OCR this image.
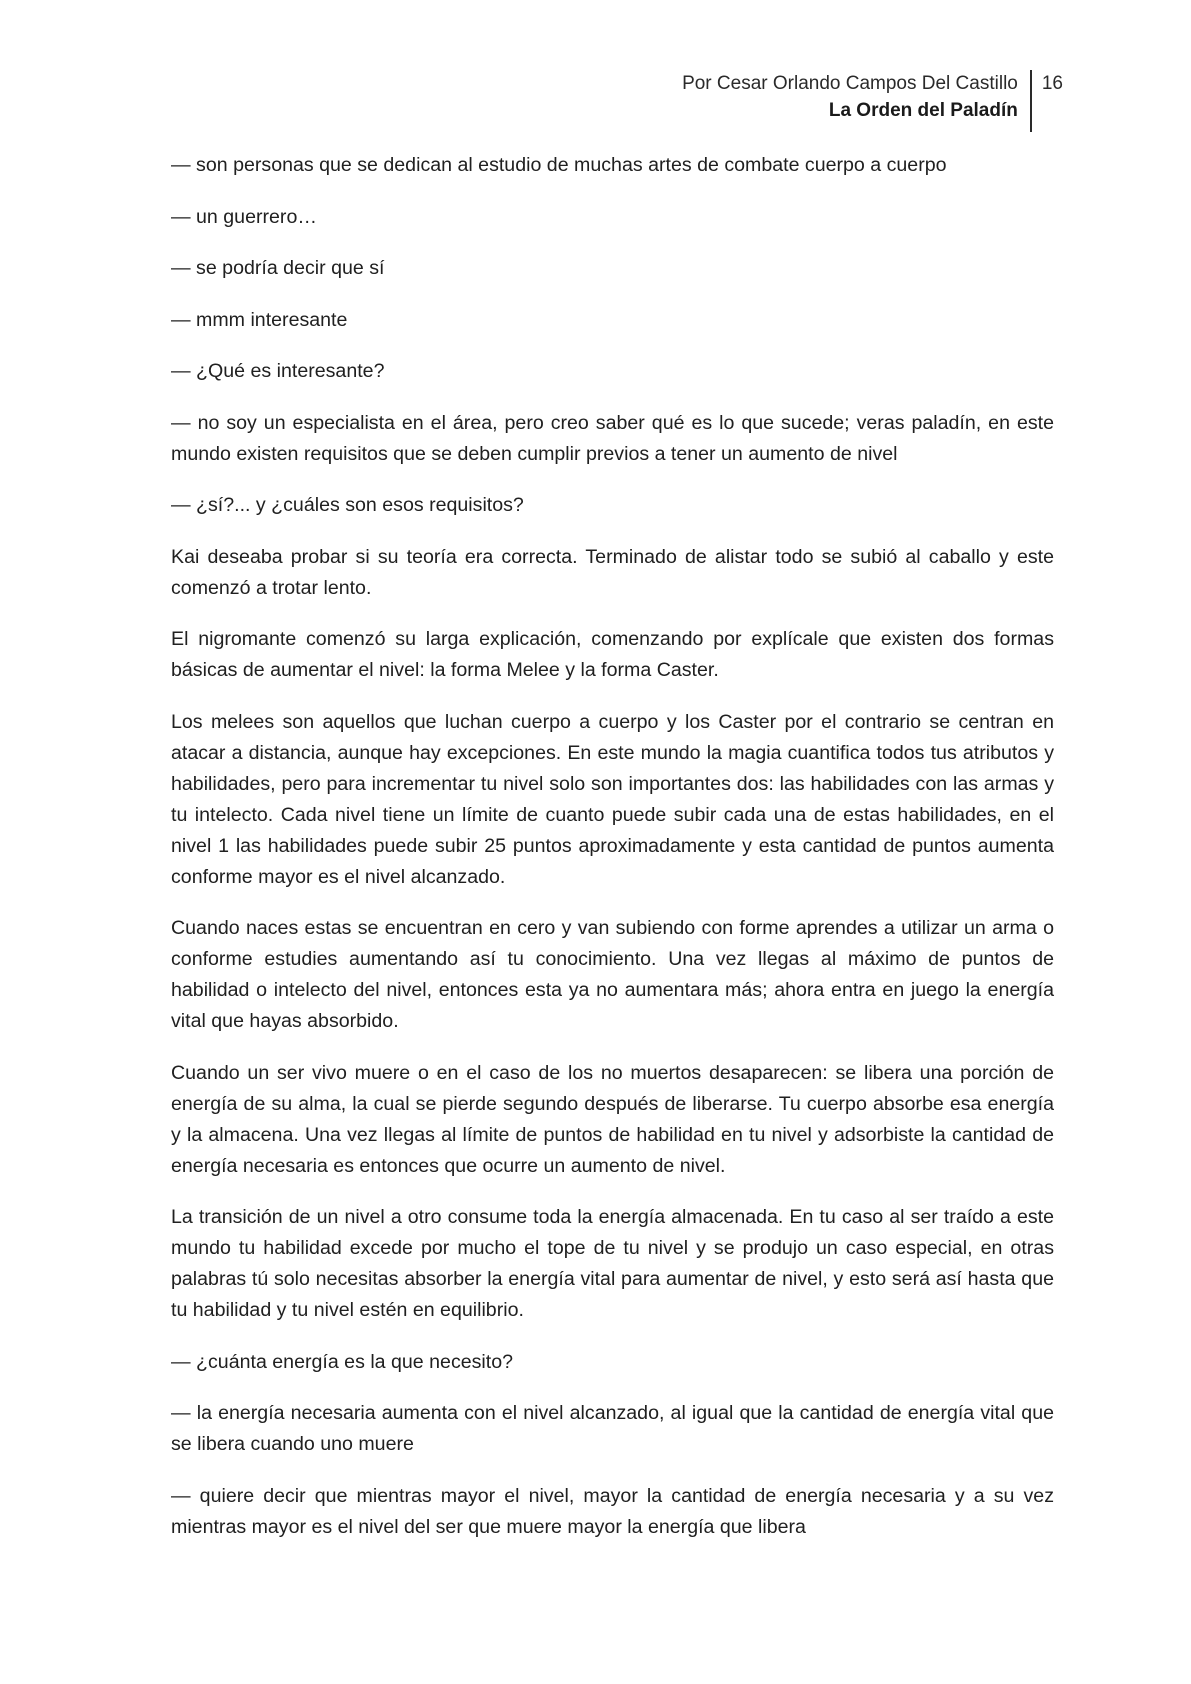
Por Cesar Orlando Campos Del Castillo
La Orden del Paladín
16

— son personas que se dedican al estudio de muchas artes de combate cuerpo a cuerpo

— un guerrero…

— se podría decir que sí

— mmm interesante

— ¿Qué es interesante?

— no soy un especialista en el área, pero creo saber qué es lo que sucede; veras paladín, en este mundo existen requisitos que se deben cumplir previos a tener un aumento de nivel

— ¿sí?... y ¿cuáles son esos requisitos?

Kai deseaba probar si su teoría era correcta. Terminado de alistar todo se subió al caballo y este comenzó a trotar lento.

El nigromante comenzó su larga explicación, comenzando por explícale que existen dos formas básicas de aumentar el nivel: la forma Melee y la forma Caster.

Los melees son aquellos que luchan cuerpo a cuerpo y los Caster por el contrario se centran en atacar a distancia, aunque hay excepciones. En este mundo la magia cuantifica todos tus atributos y habilidades, pero para incrementar tu nivel solo son importantes dos: las habilidades con las armas y tu intelecto. Cada nivel tiene un límite de cuanto puede subir cada una de estas habilidades, en el nivel 1 las habilidades puede subir 25 puntos aproximadamente y esta cantidad de puntos aumenta conforme mayor es el nivel alcanzado.

Cuando naces estas se encuentran en cero y van subiendo con forme aprendes a utilizar un arma o conforme estudies aumentando así tu conocimiento. Una vez llegas al máximo de puntos de habilidad o intelecto del nivel, entonces esta ya no aumentara más; ahora entra en juego la energía vital que hayas absorbido.

Cuando un ser vivo muere o en el caso de los no muertos desaparecen: se libera una porción de energía de su alma, la cual se pierde segundo después de liberarse. Tu cuerpo absorbe esa energía y la almacena. Una vez llegas al límite de puntos de habilidad en tu nivel y adsorbiste la cantidad de energía necesaria es entonces que ocurre un aumento de nivel.

La transición de un nivel a otro consume toda la energía almacenada. En tu caso al ser traído a este mundo tu habilidad excede por mucho el tope de tu nivel y se produjo un caso especial, en otras palabras tú solo necesitas absorber la energía vital para aumentar de nivel, y esto será así hasta que tu habilidad y tu nivel estén en equilibrio.

— ¿cuánta energía es la que necesito?

— la energía necesaria aumenta con el nivel alcanzado, al igual que la cantidad de energía vital que se libera cuando uno muere

— quiere decir que mientras mayor el nivel, mayor la cantidad de energía necesaria y a su vez mientras mayor es el nivel del ser que muere mayor la energía que libera
